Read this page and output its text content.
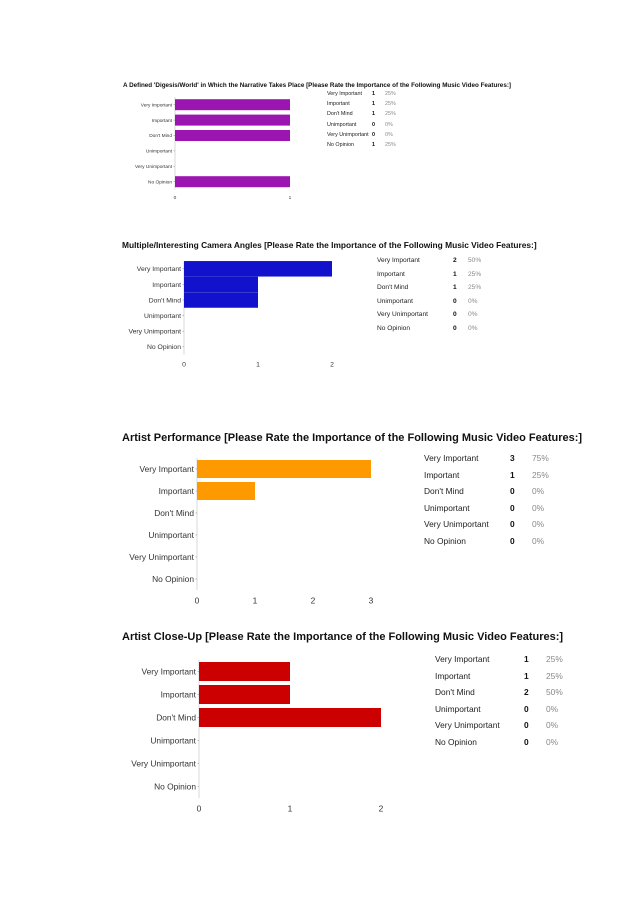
A Defined 'Digesis/World' in Which the Narrative Takes Place [Please Rate the Importance of the Following Music Video Features:]
Very Important
Important
Don't Mind
Unimportant
Very Unimportant
No Opinion
0	1
Very Important 1 25%
Important	1 25%
Don't Mind	1 25%
Unimportant	0 0%
Very Unimportant 0 0%
No Opinion	1 25%
Multiple/Interesting Camera Angles [Please Rate the Importance of the Following Music Video Features:]
Very Important
Important
Don't Mind
Unimportant
Very Unimportant
No Opinion
0	1	2
Very Important	2 50%
Important	1 25%
Don't Mind	1 25%
Unimportant	0 0%
Very Unimportant	0 0%
No Opinion	0 0%
Artist Performance [Please Rate the Importance of the Following Music Video Features:]
Very Important
Important
Don't Mind
Unimportant
Very Unimportant
No Opinion
0	1	2	3
Very Important	3 75%
Important	1 25%
Don't Mind	0 0%
Unimportant	0 0%
Very Unimportant	0 0%
No Opinion	0 0%
Artist Close-Up [Please Rate the Importance of the Following Music Video Features:]
Very Important
Important
Don't Mind
Unimportant
Very Unimportant
No Opinion
0	1	2
Very Important	1 25%
Important	1 25%
Don't Mind	2 50%
Unimportant	0 0%
Very Unimportant	0 0%
No Opinion	0 0%
